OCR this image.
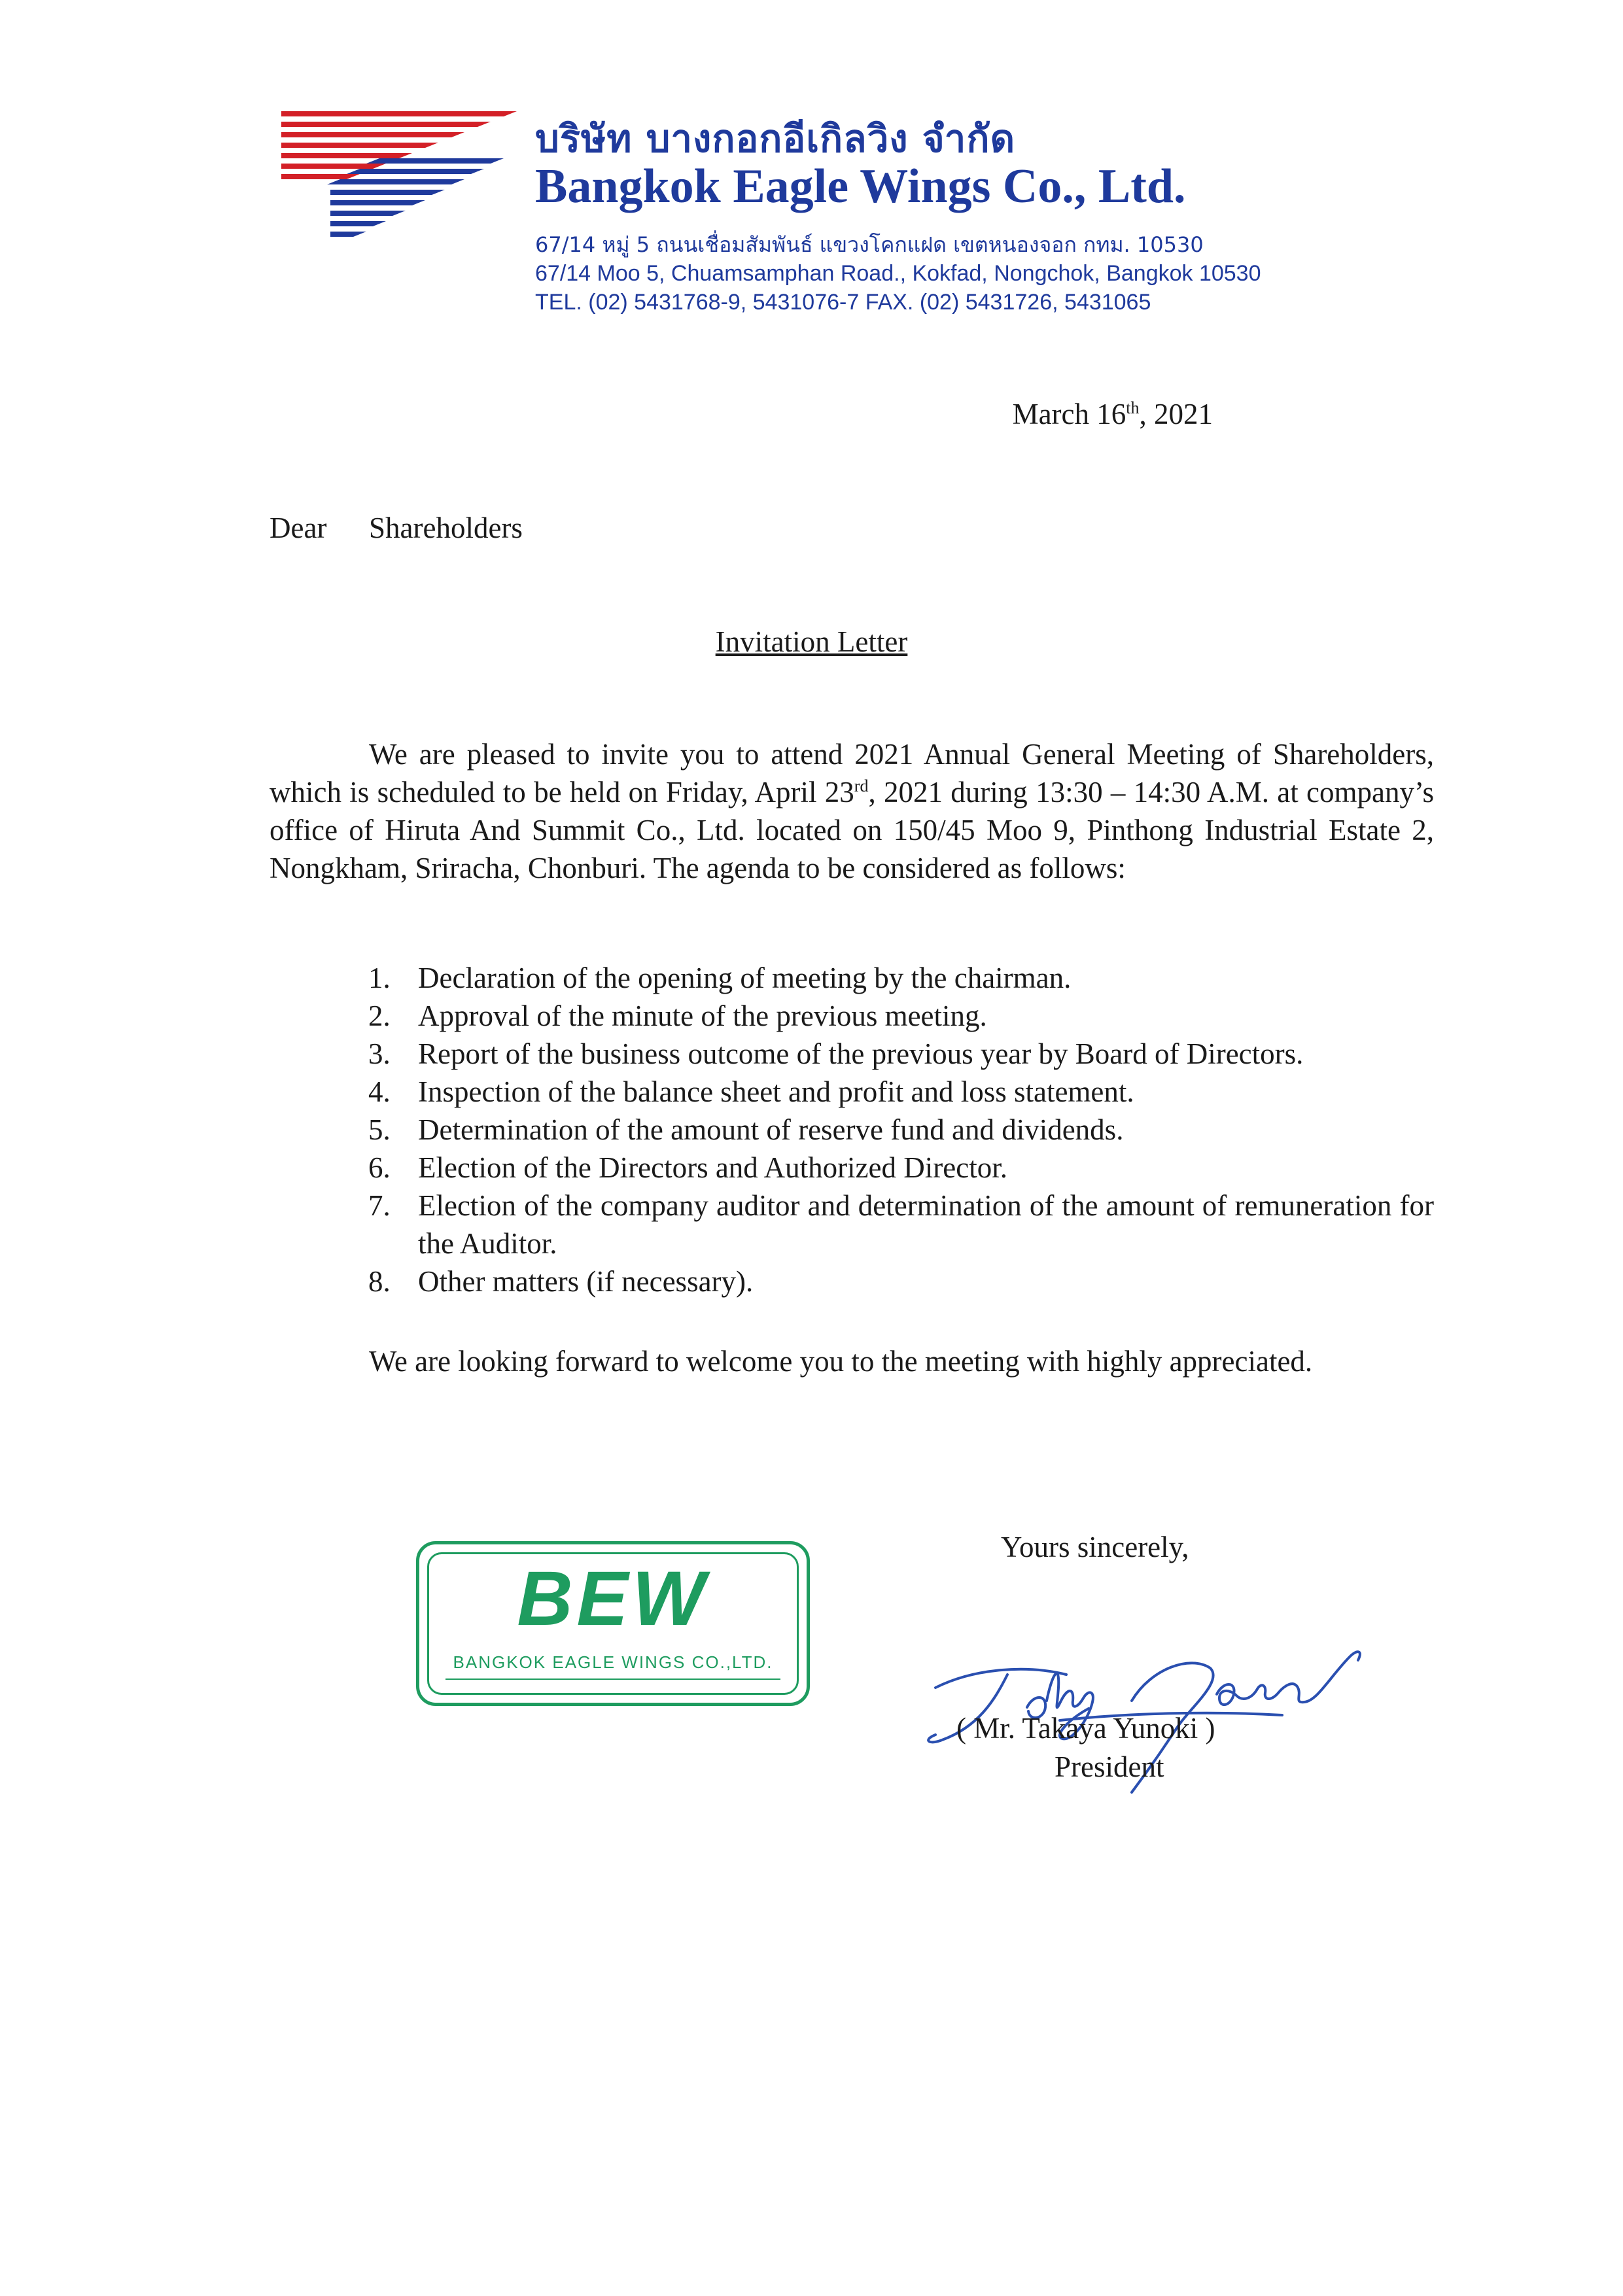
บริษัท บางกอกอีเกิลวิง จำกัด
Bangkok Eagle Wings Co., Ltd.
67/14 หมู่ 5 ถนนเชื่อมสัมพันธ์ แขวงโคกแฝด เขตหนองจอก กทม. 10530
67/14 Moo 5, Chuamsamphan Road., Kokfad, Nongchok, Bangkok 10530
TEL. (02) 5431768-9, 5431076-7 FAX. (02) 5431726, 5431065
March 16th, 2021
Dear Shareholders
Invitation Letter
We are pleased to invite you to attend 2021 Annual General Meeting of Shareholders, which is scheduled to be held on Friday, April 23rd, 2021 during 13:30 – 14:30 A.M. at company’s office of Hiruta And Summit Co., Ltd. located on 150/45 Moo 9, Pinthong Industrial Estate 2, Nongkham, Sriracha, Chonburi. The agenda to be considered as follows:
1. Declaration of the opening of meeting by the chairman.
2. Approval of the minute of the previous meeting.
3. Report of the business outcome of the previous year by Board of Directors.
4. Inspection of the balance sheet and profit and loss statement.
5. Determination of the amount of reserve fund and dividends.
6. Election of the Directors and Authorized Director.
7. Election of the company auditor and determination of the amount of remuneration for the Auditor.
8. Other matters (if necessary).
We are looking forward to welcome you to the meeting with highly appreciated.
BEW
BANGKOK EAGLE WINGS CO.,LTD.
Yours sincerely,
( Mr. Takaya Yunoki )
President
